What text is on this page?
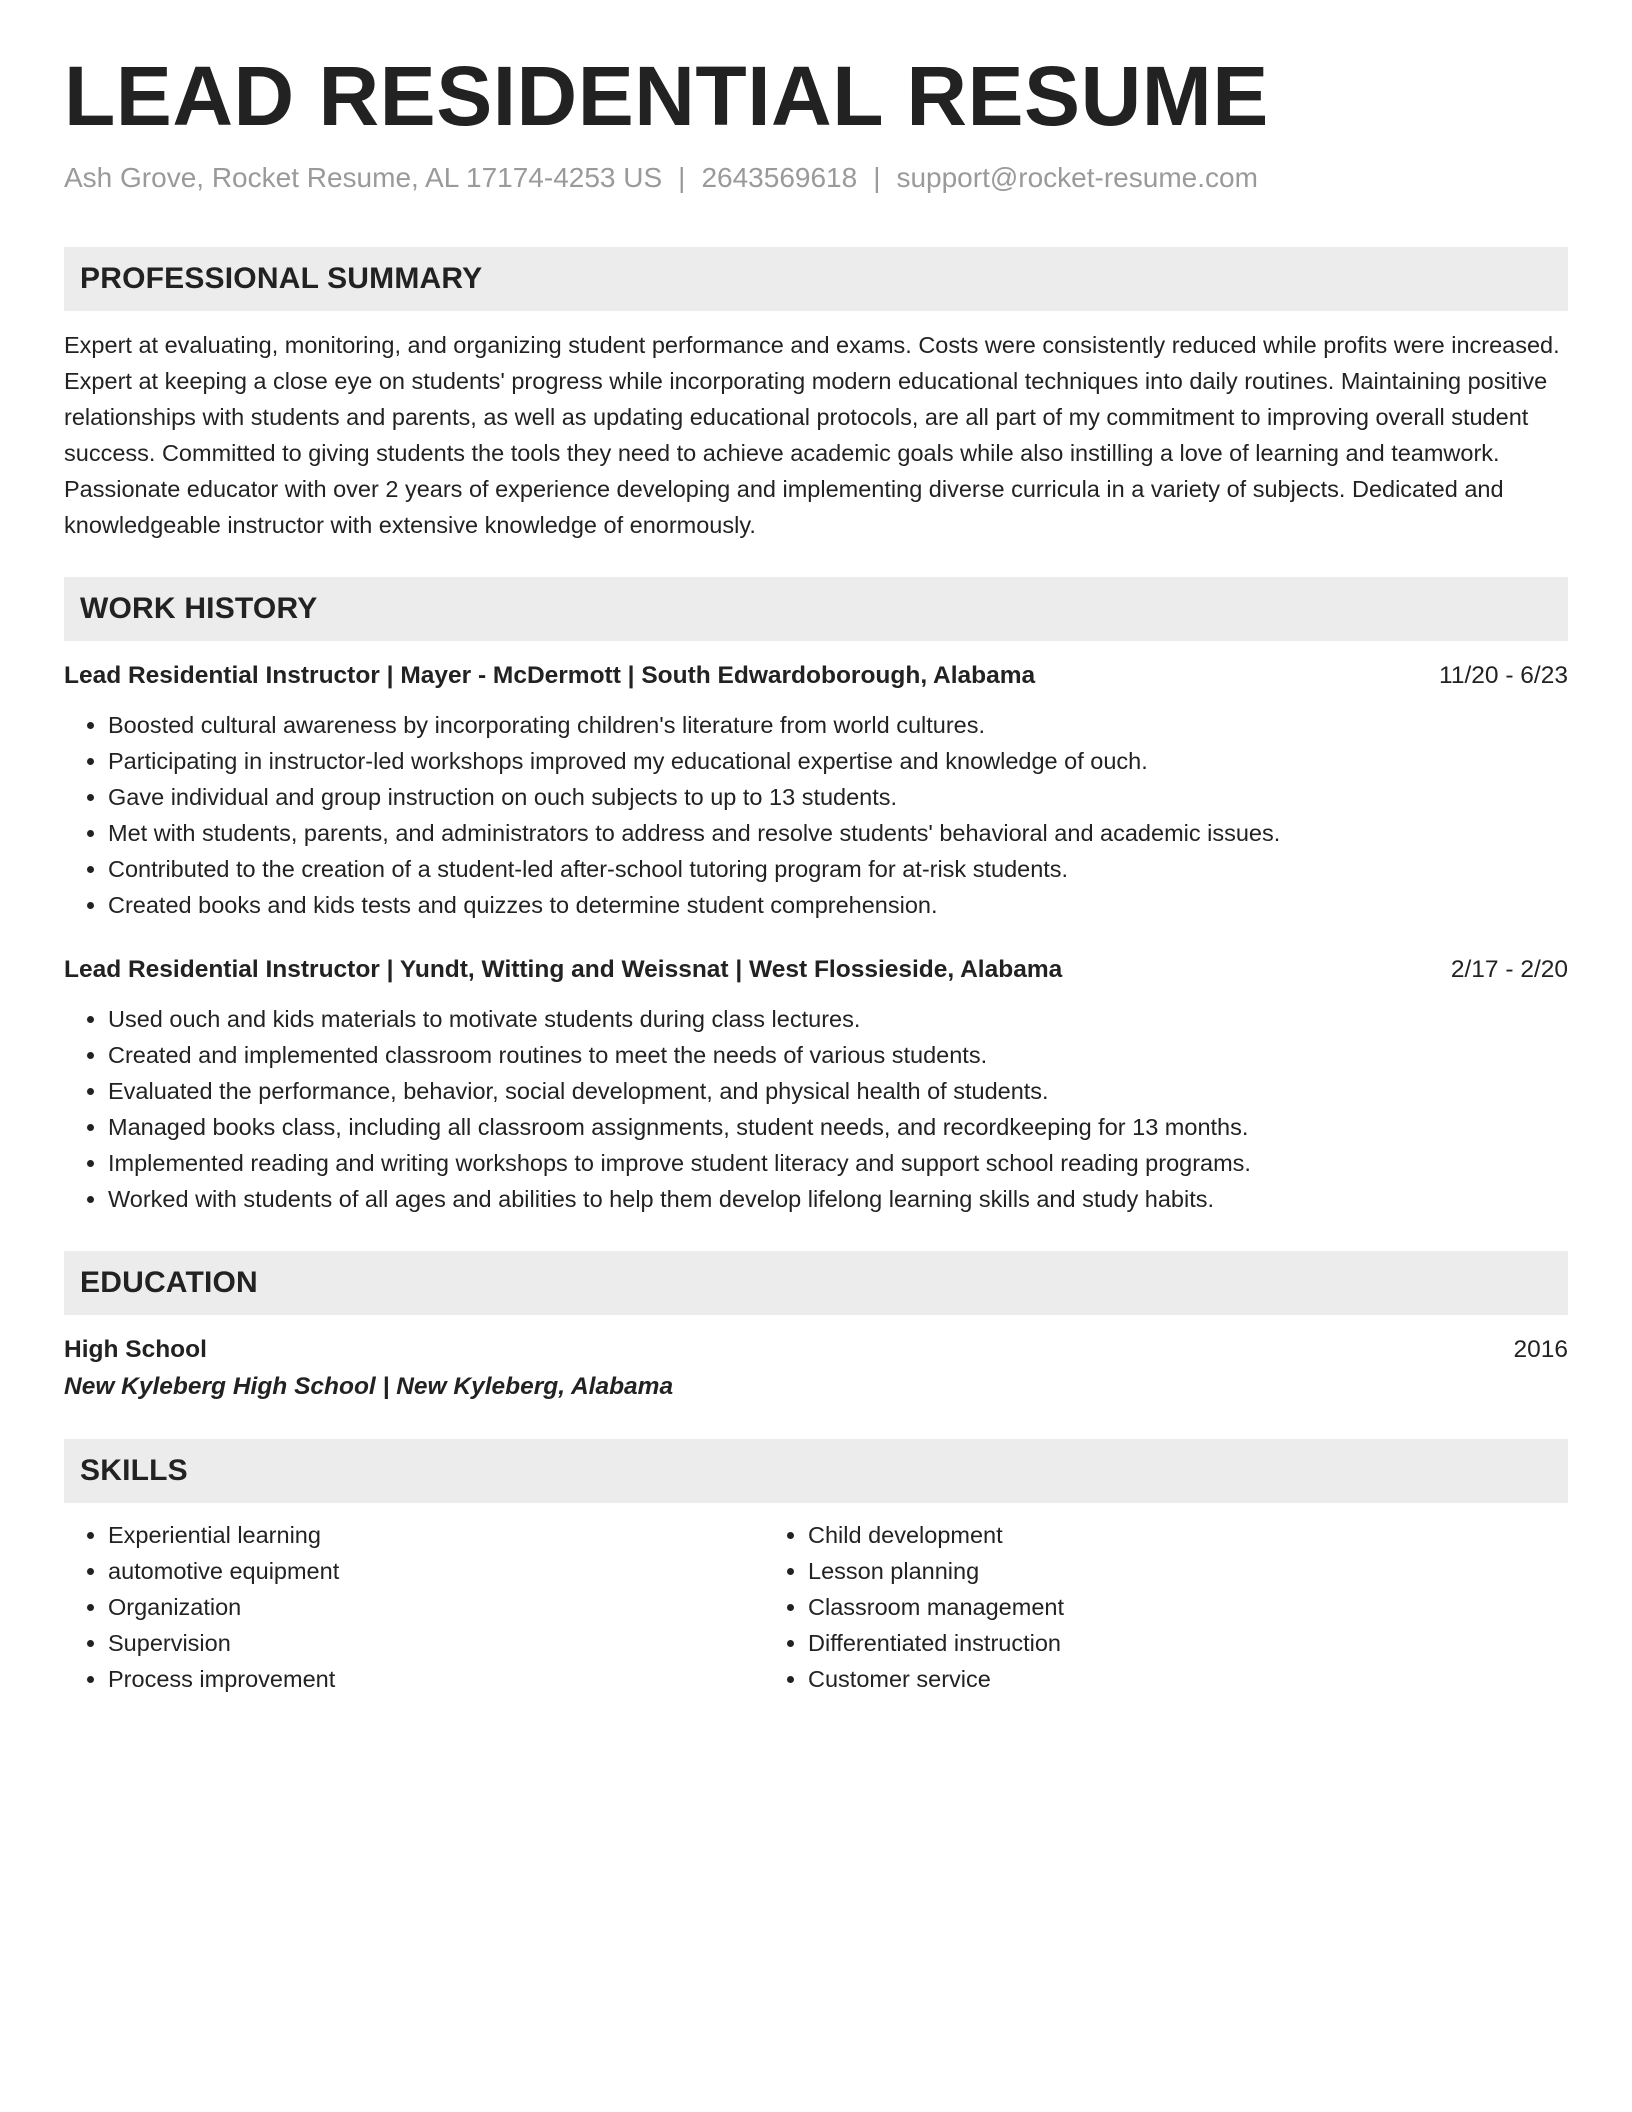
LEAD RESIDENTIAL RESUME
Ash Grove, Rocket Resume, AL 17174-4253 US | 2643569618 | support@rocket-resume.com
PROFESSIONAL SUMMARY
Expert at evaluating, monitoring, and organizing student performance and exams. Costs were consistently reduced while profits were increased. Expert at keeping a close eye on students' progress while incorporating modern educational techniques into daily routines. Maintaining positive relationships with students and parents, as well as updating educational protocols, are all part of my commitment to improving overall student success. Committed to giving students the tools they need to achieve academic goals while also instilling a love of learning and teamwork. Passionate educator with over 2 years of experience developing and implementing diverse curricula in a variety of subjects. Dedicated and knowledgeable instructor with extensive knowledge of enormously.
WORK HISTORY
Lead Residential Instructor | Mayer - McDermott | South Edwardoborough, Alabama	11/20 - 6/23
• Boosted cultural awareness by incorporating children's literature from world cultures.
• Participating in instructor-led workshops improved my educational expertise and knowledge of ouch.
• Gave individual and group instruction on ouch subjects to up to 13 students.
• Met with students, parents, and administrators to address and resolve students' behavioral and academic issues.
• Contributed to the creation of a student-led after-school tutoring program for at-risk students.
• Created books and kids tests and quizzes to determine student comprehension.
Lead Residential Instructor | Yundt, Witting and Weissnat | West Flossieside, Alabama	2/17 - 2/20
• Used ouch and kids materials to motivate students during class lectures.
• Created and implemented classroom routines to meet the needs of various students.
• Evaluated the performance, behavior, social development, and physical health of students.
• Managed books class, including all classroom assignments, student needs, and recordkeeping for 13 months.
• Implemented reading and writing workshops to improve student literacy and support school reading programs.
• Worked with students of all ages and abilities to help them develop lifelong learning skills and study habits.
EDUCATION
High School	2016
New Kyleberg High School | New Kyleberg, Alabama
SKILLS
• Experiential learning
• automotive equipment
• Organization
• Supervision
• Process improvement
• Child development
• Lesson planning
• Classroom management
• Differentiated instruction
• Customer service
